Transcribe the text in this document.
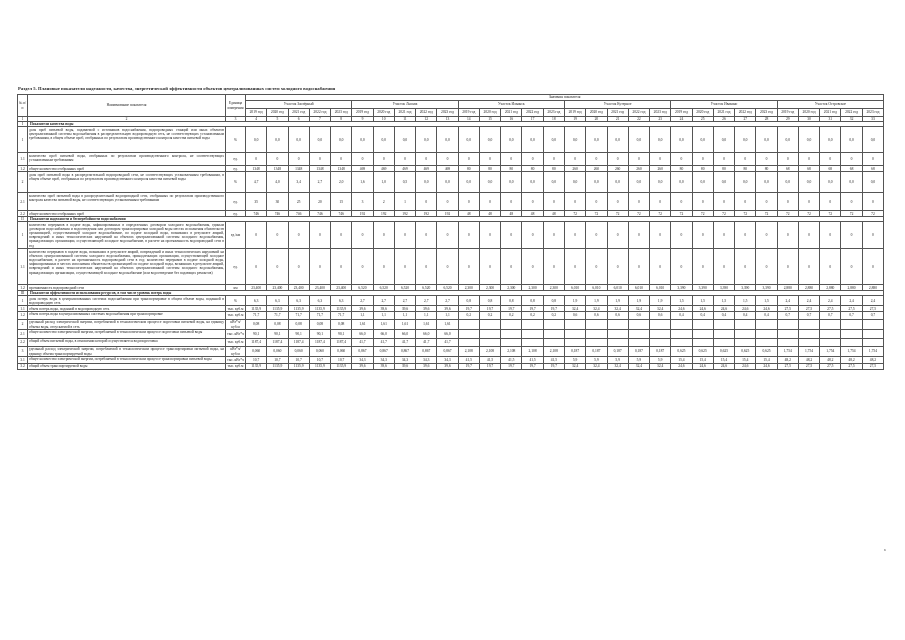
Раздел 5. Плановые показатели надежности, качества, энергетической эффективности объектов централизованных систем холодного водоснабжения
№ п/п	Наименование показателя	Единица измерения	Значения показателя																													
			Участок Заозёрный					Участок Лысьва					Участок Ильинск					Участок Кутерное					Участок Ивакино					Участок Островское				
			2019 год	2020 год	2021 год	2022 год	2023 год	2019 год	2020 год	2021 год	2022 год	2023 год	2019 год	2020 год	2021 год	2022 год	2023 год	2019 год	2020 год	2021 год	2022 год	2023 год	2019 год	2020 год	2021 год	2022 год	2023 год	2019 год	2020 год	2021 год	2022 год	2023 год
1	2	3	4	5	6	7	8	9	10	11	12	13	14	15	16	17	18	19	20	21	22	23	24	25	26	27	28	29	30	31	32	33
I	Показатели качества воды																															
1	доля проб питьевой воды, подаваемой с источников водоснабжения, водопроводных станций или иных объектов централизованной системы водоснабжения в распределительную водопроводную сеть, не соответствующих установленным требованиям, в общем объеме проб, отобранных по результатам производственного контроля качества питьевой воды	%	0,0	0,0	0,0	0,0	0,0	0,0	0,0	0,0	0,0	0,0	0,0	0,0	0,0	0,0	0,0	0,0	0,0	0,0	0,0	0,0	0,0	0,0	0,0	0,0	0,0	0,0	0,0	0,0	0,0	0,0
1.1	количество проб питьевой воды, отобранных по результатам производственного контроля, не соответствующих установленным требованиям	ед.	0	0	0	0	0	0	0	0	0	0	0	0	0	0	0	0	0	0	0	0	0	0	0	0	0	0	0	0	0	0
1.2	общее количество отобранных проб	ед.	1348	1348	1348	1348	1348	469	469	469	469	469	80	80	80	80	80	260	260	260	260	260	80	80	80	80	80	68	68	68	68	68
2	доля проб питьевой воды в распределительной водопроводной сети, не соответствующих установленным требованиям, в общем объеме проб, отобранных по результатам производственного контроля качества питьевой воды	%	4,7	4,0	3,4	2,7	2,0	1,6	1,0	0,5	0,0	0,0	0,0	0,0	0,0	0,0	0,0	0,0	0,0	0,0	0,0	0,0	0,0	0,0	0,0	0,0	0,0	0,0	0,0	0,0	0,0	0,0
2.1	количество проб питьевой воды в распределительной водопроводной сети, отобранных по результатам производственного контроля качества питьевой воды, не соответствующих установленным требованиям	ед.	35	30	25	20	15	3	2	1	0	0	0	0	0	0	0	0	0	0	0	0	0	0	0	0	0	0	0	0	0	0
2.2	общее количество отобранных проб	ед.	746	746	746	746	746	192	192	192	192	192	48	48	48	48	48	72	72	72	72	72	72	72	72	72	72	72	72	72	72	72
II	Показатели надежности и бесперебойности водоснабжения																															
1	количество перерывов в подаче воды, зафиксированных в определенных договором холодного водоснабжения, единым договором водоснабжения и водоотведения или договором транспортировки холодной воды местах исполнения обязательств организацией, осуществляющей холодное водоснабжение, по подаче холодной воды, возникших в результате аварий, повреждений и иных технологических нарушений на объектах централизованной системы холодного водоснабжения, принадлежащих организации, осуществляющей холодное водоснабжение, в расчете на протяженность водопроводной сети в год	ед./км	0	0	0	0	0	0	0	0	0	0	0	0	0	0	0	0	0	0	0	0	0	0	0	0	0	0	0	0	0	0
1.1	количество перерывов в подаче воды, возникших в результате аварий, повреждений и иных технологических нарушений на объектах централизованной системы холодного водоснабжения, принадлежащих организации, осуществляющей холодное водоснабжение, в расчете на протяженность водопроводной сети в год; количество перерывов в подаче холодной воды, зафиксированных в местах исполнения обязательств организацией по подаче холодной воды, возникших в результате аварий, повреждений и иных технологических нарушений на объектах централизованной системы холодного водоснабжения, принадлежащих организации, осуществляющей холодное водоснабжение (или водоотведение без подающих ремонтов)	ед.	0	0	0	0	0	0	0	0	0	0	0	0	0	0	0	0	0	0	0	0	0	0	0	0	0	0	0	0	0	0
1.2	протяженность водопроводной сети	км	23,400	23,400	23,400	23,400	23,400	6,520	6,520	6,520	6,520	6,520	2,300	2,300	2,300	2,300	2,300	6,010	6,010	6,010	6,010	6,010	3,390	3,390	3,390	3,390	3,390	2,880	2,880	2,880	2,880	2,880
III	Показатели эффективности использования ресурсов, в том числе уровень потерь воды																															
1	доля потерь воды в централизованных системах водоснабжения при транспортировке в общем объеме воды, поданной в водопроводную сеть	%	6,3	6,3	6,3	6,3	6,3	2,7	2,7	2,7	2,7	2,7	0,8	0,8	0,8	0,8	0,8	1,9	1,9	1,9	1,9	1,9	1,5	1,5	1,5	1,5	1,5	2,4	2,4	2,4	2,4	2,4
1.1	объем потерь воды, поданной в водопроводную сеть	тыс. куб.м	1135,9	1135,9	1135,9	1135,9	1135,9	39,6	39,6	39,6	39,6	39,6	19,7	19,7	19,7	19,7	19,7	32,4	32,4	32,4	32,4	32,4	24,6	24,6	24,6	24,6	24,6	27,5	27,5	27,5	27,5	27,5
1.2	объем потерь воды в централизованных системах водоснабжения при транспортировке	тыс. куб.м	71,7	71,7	71,7	71,7	71,7	1,1	1,1	1,1	1,1	1,1	0,2	0,2	0,2	0,2	0,2	0,6	0,6	0,6	0,6	0,6	0,4	0,4	0,4	0,4	0,4	0,7	0,7	0,7	0,7	0,7
2	удельный расход электрической энергии, потребляемой в технологическом процессе подготовки питьевой воды, на единицу объема воды, отпускаемой в сеть	кВт*ч/куб.м	0,08	0,08	0,08	0,08	0,08	1,61	1,61	1,61	1,61	1,61																				
2.1	общее количество электрической энергии, потребляемой в технологическом процессе подготовки питьевой воды	тыс. кВт*ч	90,1	90,1	90,1	90,1	90,1	66,0	66,0	66,0	66,0	66,0																				
2.2	общий объем питьевой воды, в отношении которой осуществляется водоподготовка	тыс. куб.м	1187,4	1187,4	1187,4	1187,4	1187,4	41,7	41,7	41,7	41,7	41,7																				
3	удельный расход электрической энергии, потребляемой в технологическом процессе транспортировки питьевой воды, на единицу объема транспортируемой воды	кВт*ч/куб.м	0,060	0,060	0,060	0,060	0,060	0,867	0,867	0,867	0,867	0,867	2,108	2,108	2,108	2,108	2,108	0,187	0,187	0,187	0,187	0,187	0,625	0,625	0,625	0,625	0,625	1,754	1,754	1,754	1,754	1,754
3.1	общее количество электрической энергии, потребляемой в технологическом процессе транспортировки питьевой воды	тыс. кВт*ч	10,7	10,7	10,7	10,7	10,7	34,3	34,3	34,3	34,3	34,3	41,5	41,5	41,5	41,5	41,5	5,9	5,9	5,9	5,9	5,9	15,4	15,4	15,4	15,4	15,4	48,2	48,2	48,2	48,2	48,2
3.2	общий объем транспортируемой воды	тыс. куб.м	1135,9	1135,9	1135,9	1135,9	1135,9	39,6	39,6	39,6	39,6	39,6	19,7	19,7	19,7	19,7	19,7	32,4	32,4	32,4	32,4	32,4	24,6	24,6	24,6	24,6	24,6	27,5	27,5	27,5	27,5	27,5
6
